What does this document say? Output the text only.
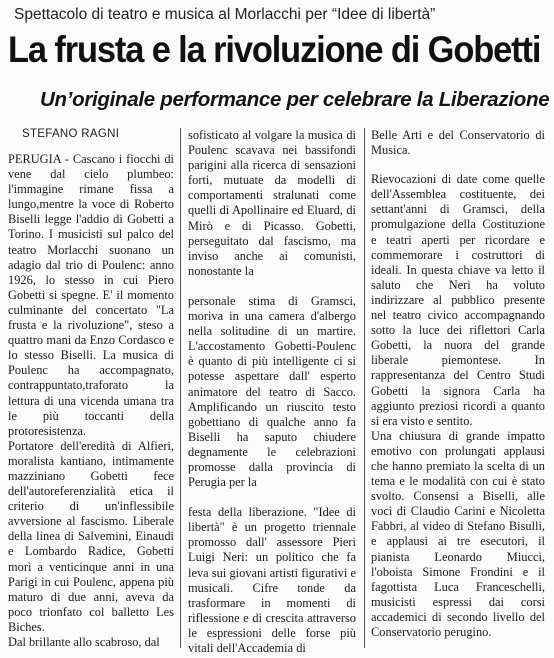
Spettacolo di teatro e musica al Morlacchi per “Idee di libertà”
La frusta e la rivoluzione di Gobetti
Un’originale performance per celebrare la Liberazione
STEFANO RAGNI

PERUGIA - Cascano i fiocchi di vene dal cielo plumbeo: l'immagine rimane fissa a lungo,mentre la voce di Roberto Biselli legge l'addio di Gobetti a Torino. I musicisti sul palco del teatro Morlacchi suonano un adagio dal trio di Poulenc: anno 1926, lo stesso in cui Piero Gobetti si spegne. E' il momento culminante del concertato "La frusta e la rivoluzione", steso a quattro mani da Enzo Cordasco e lo stesso Biselli. La musica di Poulenc ha accompagnato, contrappuntato,traforato la lettura di una vicenda umana tra le più toccanti della protoresistenza.

Portatore dell'eredità di Alfieri, moralista kantiano, intimamente mazziniano Gobetti fece dell'autoreferenzialità etica il criterio di un'inflessibile avversione al fascismo. Liberale della linea di Salvemini, Einaudi e Lombardo Radice, Gobetti morì a venticinque anni in una Parigi in cui Poulenc, appena più maturo di due anni, aveva da poco trionfato col balletto Les Biches.

Dal brillante allo scabroso, dal

sofisticato al volgare la musica di Poulenc scavava nei bassifondi parigini alla ricerca di sensazioni forti, mutuate da modelli di comportamenti stralunati come quelli di Apollinaire ed Eluard, di Mirò e di Picasso. Gobetti, perseguitato dal fascismo, ma inviso anche ai comunisti, nonostante la

personale stima di Gramsci, moriva in una camera d'albergo nella solitudine di un martire. L'accostamento Gobetti-Poulenc è quanto di più intelligente ci si potesse aspettare dall' esperto animatore del teatro di Sacco. Amplificando un riuscito testo gobettiano di qualche anno fa Biselli ha saputo chiudere degnamente le celebrazioni promosse dalla provincia di Perugia per la

festa della liberazione. "Idee di libertà" è un progetto triennale promosso dall' assessore Pieri Luigi Neri: un politico che fa leva sui giovani artisti figurativi e musicali. Cifre tonde da trasformare in momenti di riflessione e di crescita attraverso le espressioni delle forse più vitali dell'Accademia di

Belle Arti e del Conservatorio di Musica.

Rievocazioni di date come quelle dell'Assemblea costituente, dei settant'anni di Gramsci, della promulgazione della Costituzione e teatri aperti per ricordare e commemorare i costruttori di ideali. In questa chiave va letto il saluto che Neri ha voluto indirizzare al pubblico presente nel teatro civico accompagnando sotto la luce dei riflettori Carla Gobetti, la nuora del grande liberale piemontese. In rappresentanza del Centro Studi Gobetti la signora Carla ha aggiunto preziosi ricordi a quanto si era visto e sentito.

Una chiusura di grande impatto emotivo con prolungati applausi che hanno premiato la scelta di un tema e le modalità con cui è stato svolto. Consensi a Biselli, alle voci di Claudio Carini e Nicoletta Fabbri, al video di Stefano Bisulli, e applausi ai tre esecutori, il pianista Leonardo Miucci, l'oboista Simone Frondini e il fagottista Luca Franceschelli, musicisti espressi dai corsi accademici di secondo livello del Conservatorio perugino.
